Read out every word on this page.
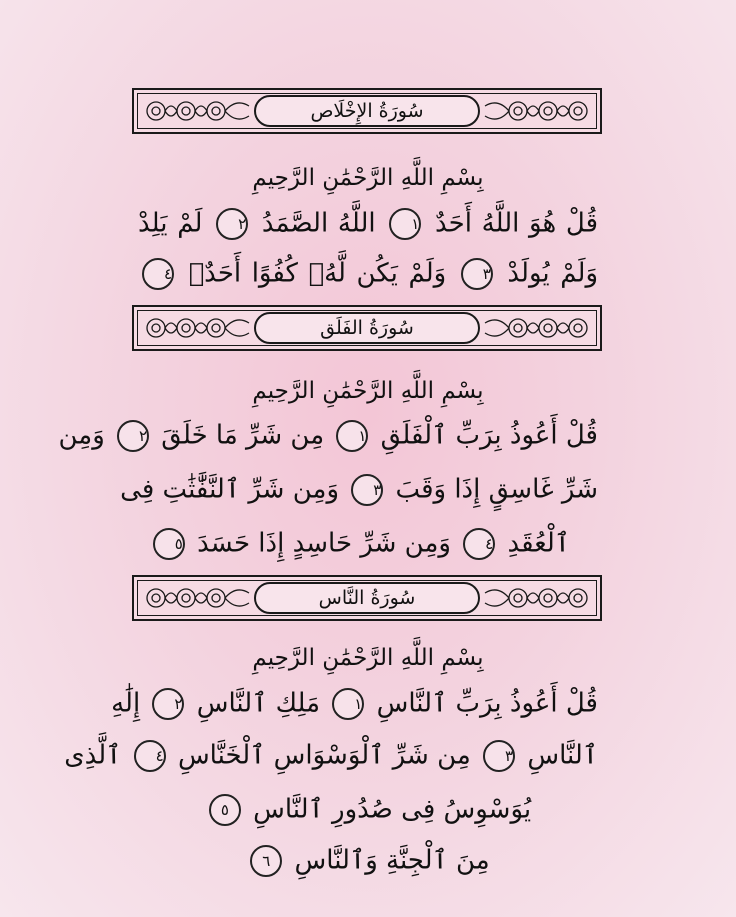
سُورَةُ الإِخْلَاص
بِسْمِ اللَّهِ الرَّحْمَٰنِ الرَّحِيمِ
قُلْ هُوَ اللَّهُ أَحَدٌ ١ اللَّهُ الصَّمَدُ ٢ لَمْ يَلِدْ
وَلَمْ يُولَدْ ٣ وَلَمْ يَكُن لَّهُۥ كُفُوًا أَحَدٌۢ ٤
سُورَةُ الفَلَق
بِسْمِ اللَّهِ الرَّحْمَٰنِ الرَّحِيمِ
قُلْ أَعُوذُ بِرَبِّ ٱلْفَلَقِ ١ مِن شَرِّ مَا خَلَقَ ٢ وَمِن
شَرِّ غَاسِقٍ إِذَا وَقَبَ ٣ وَمِن شَرِّ ٱلنَّفَّٰثَٰتِ فِى
ٱلْعُقَدِ ٤ وَمِن شَرِّ حَاسِدٍ إِذَا حَسَدَ ٥
سُورَةُ النَّاس
بِسْمِ اللَّهِ الرَّحْمَٰنِ الرَّحِيمِ
قُلْ أَعُوذُ بِرَبِّ ٱلنَّاسِ ١ مَلِكِ ٱلنَّاسِ ٢ إِلَٰهِ
ٱلنَّاسِ ٣ مِن شَرِّ ٱلْوَسْوَاسِ ٱلْخَنَّاسِ ٤ ٱلَّذِى
يُوَسْوِسُ فِى صُدُورِ ٱلنَّاسِ ٥
مِنَ ٱلْجِنَّةِ وَٱلنَّاسِ ٦
